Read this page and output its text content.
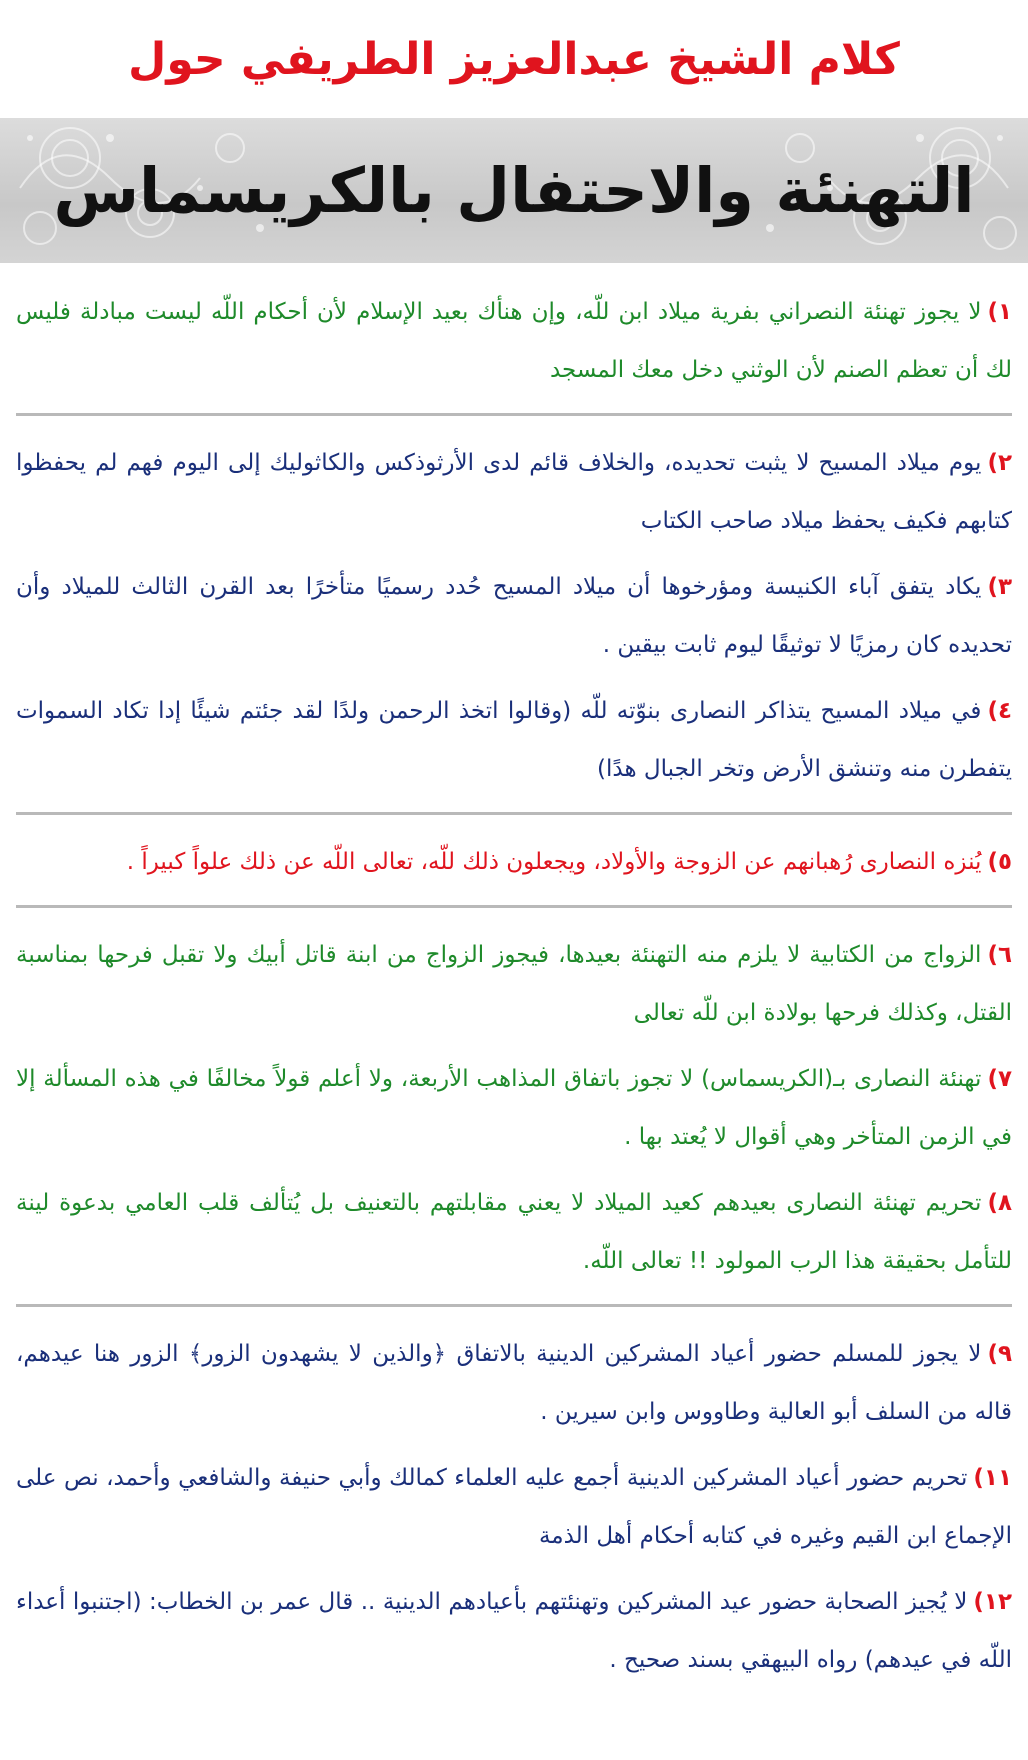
كلام الشيخ عبدالعزيز الطريفي حول
التهنئة والاحتفال بالكريسماس

١)لا يجوز تهنئة النصراني بفرية ميلاد ابن للّه، وإن هنأك بعيد الإسلام لأن أحكام اللّه ليست مبادلة فليس لك أن تعظم الصنم لأن الوثني دخل معك المسجد

٢)يوم ميلاد المسيح لا يثبت تحديده، والخلاف قائم لدى الأرثوذكس والكاثوليك إلى اليوم فهم لم يحفظوا كتابهم فكيف يحفظ ميلاد صاحب الكتاب

٣)يكاد يتفق آباء الكنيسة ومؤرخوها أن ميلاد المسيح حُدد رسميًا متأخرًا بعد القرن الثالث للميلاد وأن تحديده كان رمزيًا لا توثيقًا ليوم ثابت بيقين .

٤)في ميلاد المسيح يتذاكر النصارى بنوّته للّه (وقالوا اتخذ الرحمن ولدًا لقد جئتم شيئًا إدا تكاد السموات يتفطرن منه وتنشق الأرض وتخر الجبال هدًا)

٥)يُنزه النصارى رُهبانهم عن الزوجة والأولاد، ويجعلون ذلك للّه، تعالى اللّه عن ذلك علواً كبيراً .

٦)الزواج من الكتابية لا يلزم منه التهنئة بعيدها، فيجوز الزواج من ابنة قاتل أبيك ولا تقبل فرحها بمناسبة القتل، وكذلك فرحها بولادة ابن للّه تعالى

٧)تهنئة النصارى بـ(الكريسماس) لا تجوز باتفاق المذاهب الأربعة، ولا أعلم قولاً مخالفًا في هذه المسألة إلا في الزمن المتأخر وهي أقوال لا يُعتد بها .

٨)تحريم تهنئة النصارى بعيدهم كعيد الميلاد لا يعني مقابلتهم بالتعنيف بل يُتألف قلب العامي بدعوة لينة للتأمل بحقيقة هذا الرب المولود !! تعالى اللّه.

٩)لا يجوز للمسلم حضور أعياد المشركين الدينية بالاتفاق ﴿والذين لا يشهدون الزور﴾ الزور هنا عيدهم، قاله من السلف أبو العالية وطاووس وابن سيرين .

١١)تحريم حضور أعياد المشركين الدينية أجمع عليه العلماء كمالك وأبي حنيفة والشافعي وأحمد، نص على الإجماع ابن القيم وغيره في كتابه أحكام أهل الذمة

١٢)لا يُجيز الصحابة حضور عيد المشركين وتهنئتهم بأعيادهم الدينية .. قال عمر بن الخطاب: (اجتنبوا أعداء اللّه في عيدهم) رواه البيهقي بسند صحيح .
